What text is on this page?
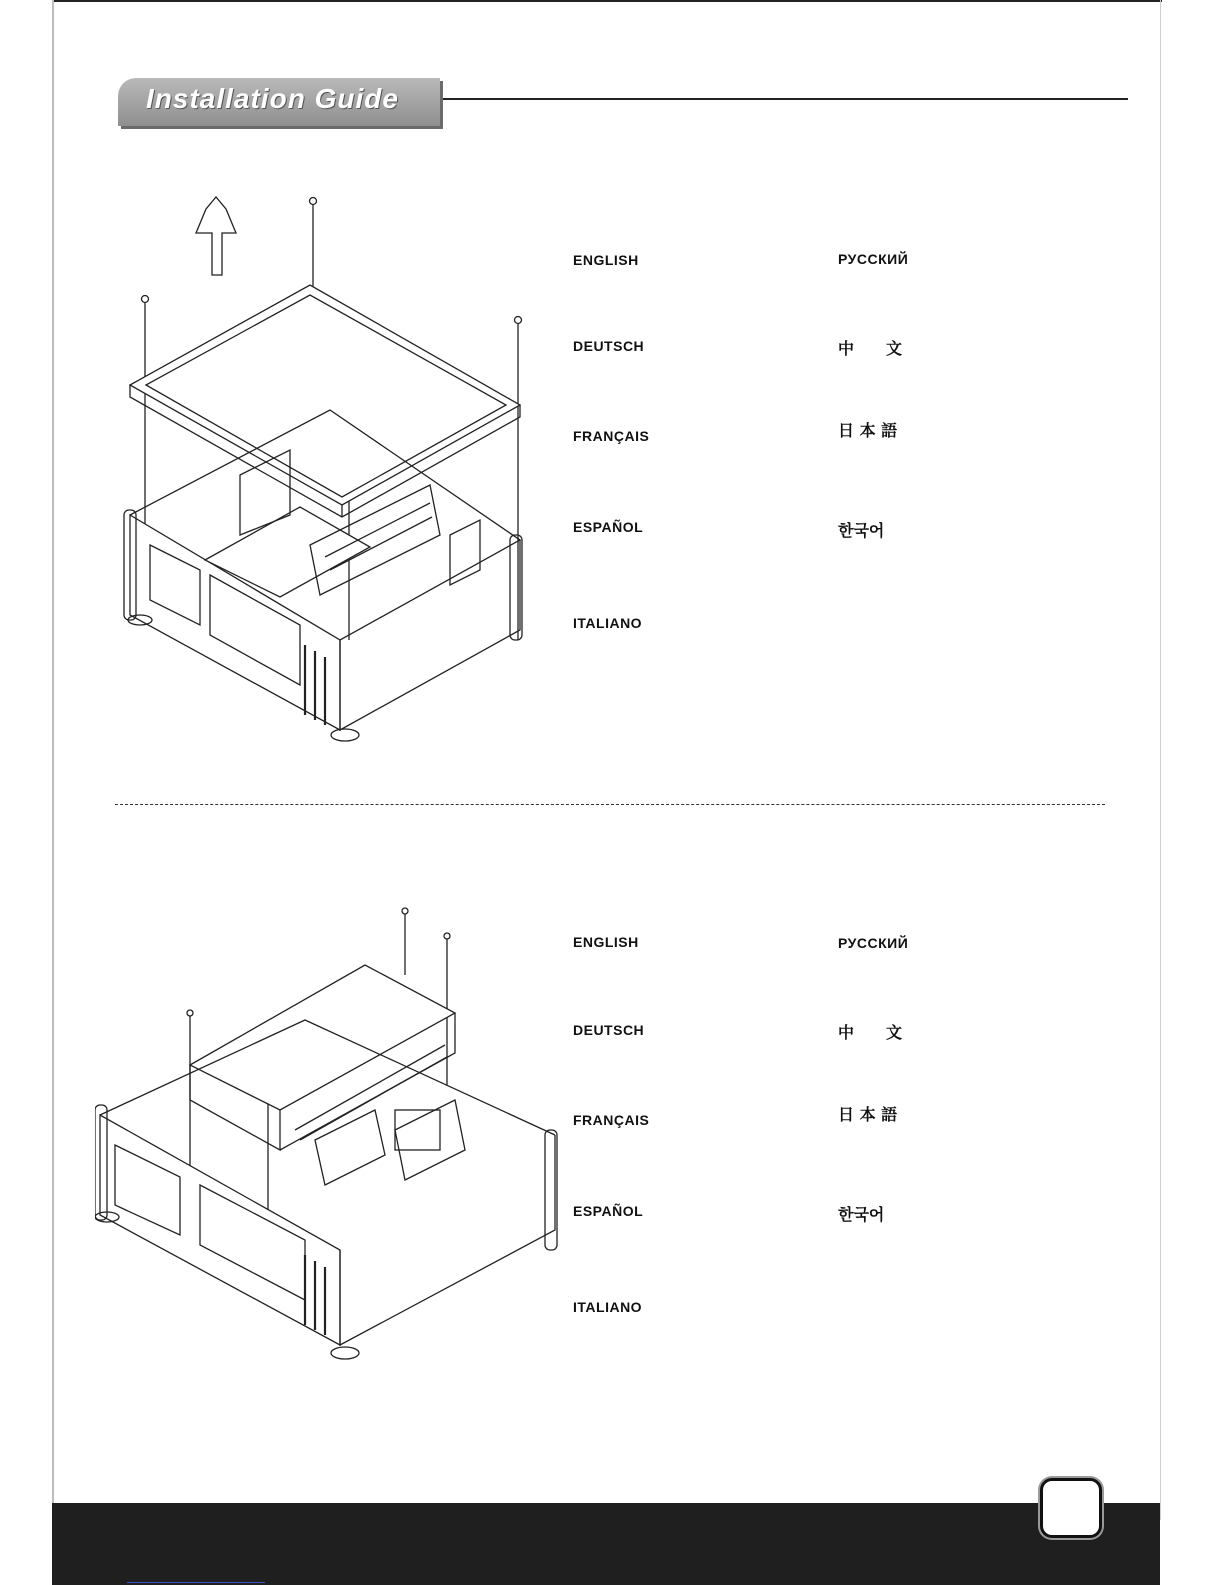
Installation Guide
ENGLISH
DEUTSCH
FRANÇAIS
ESPAÑOL
ITALIANO
РУССКИЙ
中　　文
日 本 語
한국어
ENGLISH
DEUTSCH
FRANÇAIS
ESPAÑOL
ITALIANO
РУССКИЙ
中　　文
日 本 語
한국어
